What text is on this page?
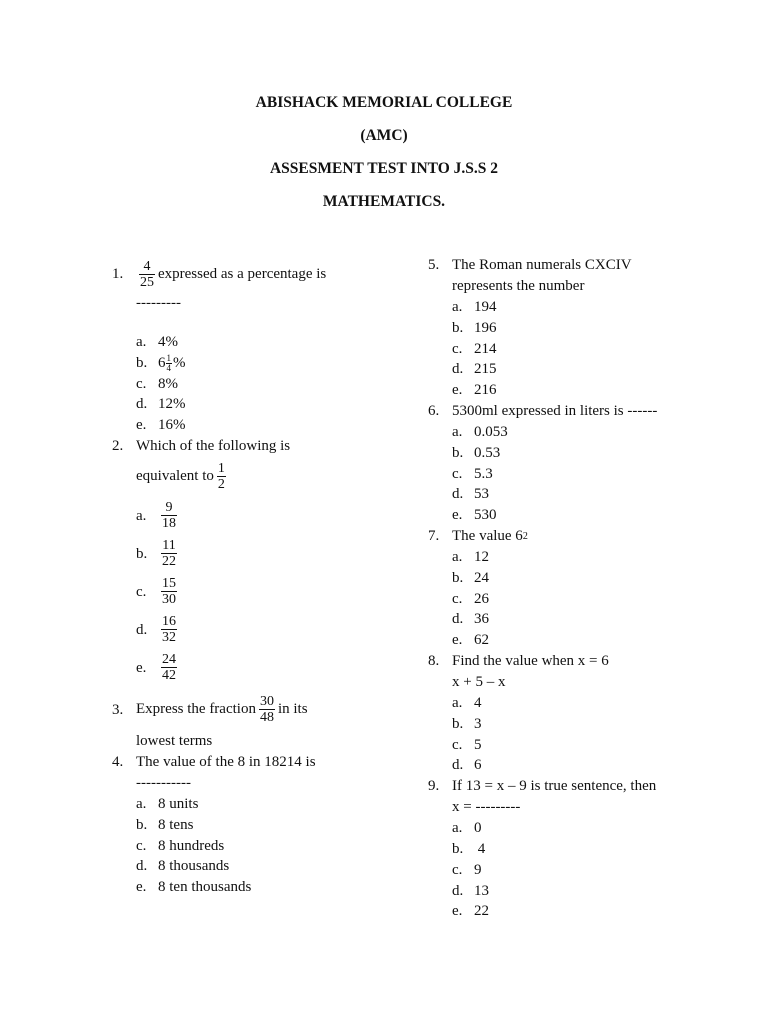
ABISHACK MEMORIAL COLLEGE
(AMC)
ASSESMENT TEST INTO J.S.S 2
MATHEMATICS.
1.	$\frac{4}{25}$ expressed as a percentage is
---------
a. 4%
b. $6 \frac{1}{4}$ %
c. 8%
d. 12%
e. 16%
2. Which of the following is
equivalent to $\frac{1}{2}$
a.	$\frac{9}{18}$
b. $\frac{11}{22}$
c.	$\frac{15}{30}$
d. $\frac{16}{32}$
e.	$\frac{24}{42}$
3. Express the fraction $\frac{30}{48}$ in its
lowest terms
4. The value of the 8 in 18214 is
-----------
a. 8 units
b. 8 tens
c. 8 hundreds
d. 8 thousands
e. 8 ten thousands
5. The Roman numerals CXCIV
represents the number
a. 194
b. 196
c. 214
d. 215
e. 216
6. 5300ml expressed in liters is ------
a. 0.053
b. 0.53
c. 5.3
d. 53
e. 530
7. The value 6 2
a. 12
b. 24
c. 26
d. 36
e. 62
8. Find the value when x = 6
x + 5 – x
a. 4
b. 3
c. 5
d. 6
9. If 13 = x – 9 is true sentence, then
x = ---------
a. 0
b. 4
c. 9
d. 13
e. 22
